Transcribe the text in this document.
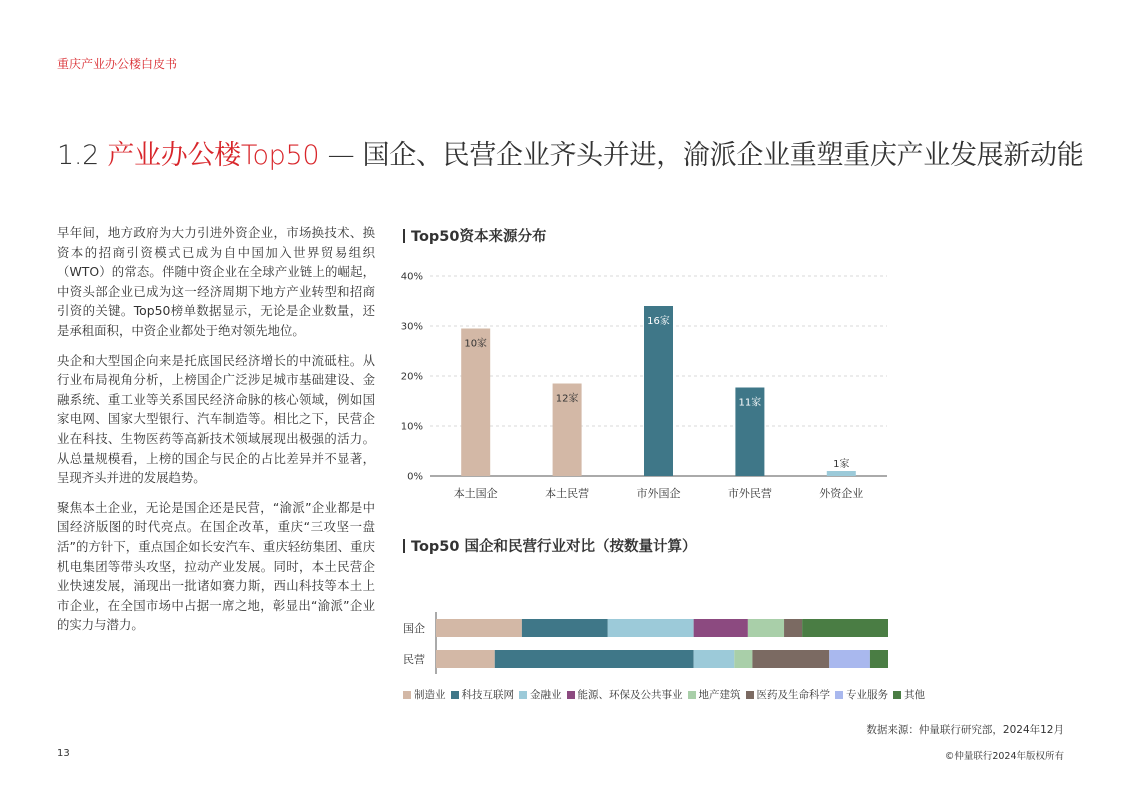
重庆产业办公楼白皮书
1.2 产业办公楼Top50 — 国企、民营企业齐头并进，渝派企业重塑重庆产业发展新动能

早年间，地方政府为大力引进外资企业，市场换技术、换资本的招商引资模式已成为自中国加入世界贸易组织（WTO）的常态。伴随中资企业在全球产业链上的崛起，中资头部企业已成为这一经济周期下地方产业转型和招商引资的关键。Top50榜单数据显示，无论是企业数量，还是承租面积，中资企业都处于绝对领先地位。

央企和大型国企向来是托底国民经济增长的中流砥柱。从行业布局视角分析，上榜国企广泛涉足城市基础建设、金融系统、重工业等关系国民经济命脉的核心领域，例如国家电网、国家大型银行、汽车制造等。相比之下，民营企业在科技、生物医药等高新技术领域展现出极强的活力。从总量规模看，上榜的国企与民企的占比差异并不显著，呈现齐头并进的发展趋势。

聚焦本土企业，无论是国企还是民营，“渝派”企业都是中国经济版图的时代亮点。在国企改革，重庆“三攻坚一盘活”的方针下，重点国企如长安汽车、重庆轻纺集团、重庆机电集团等带头攻坚，拉动产业发展。同时，本土民营企业快速发展，涌现出一批诸如赛力斯，西山科技等本土上市企业，在全国市场中占据一席之地，彰显出“渝派”企业的实力与潜力。

Top50资本来源分布
0%
10%
20%
30%
40%
10家
本土国企
12家
本土民营
16家
市外国企
11家
市外民营
1家
外资企业
Top50 国企和民营行业对比（按数量计算）
国企
民营
制造业 科技互联网 金融业 能源、环保及公共事业 地产建筑 医药及生命科学 专业服务 其他
数据来源：仲量联行研究部，2024年12月
13	©仲量联行2024年版权所有
